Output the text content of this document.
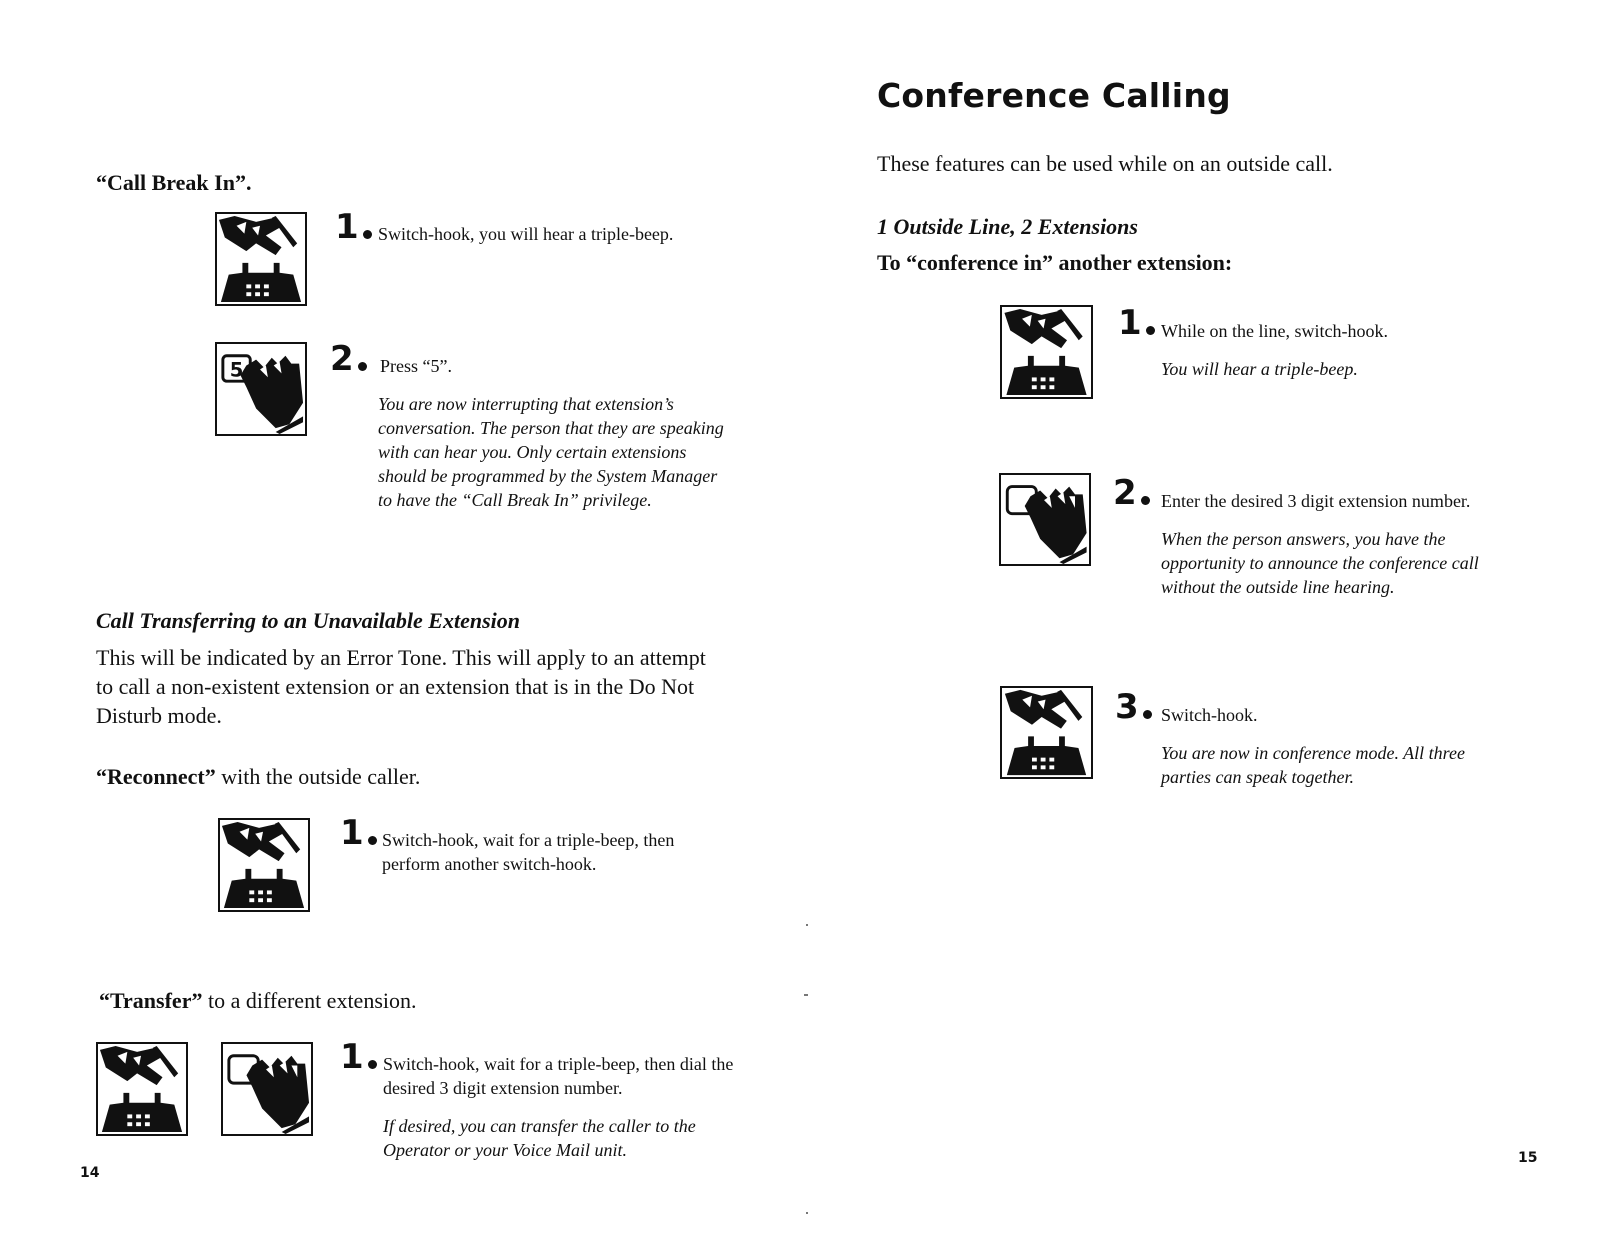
“Call Break In”.
1	Switch-hook, you will hear a triple-beep.
5	2	Press “5”.
You are now interrupting that extension’s conversation. The person that they are speaking with can hear you. Only certain extensions should be programmed by the System Manager to have the “Call Break In” privilege.
Call Transferring to an Unavailable Extension
This will be indicated by an Error Tone. This will apply to an attempt to call a non-existent extension or an extension that is in the Do Not Disturb mode.
“Reconnect” with the outside caller.
1	Switch-hook, wait for a triple-beep, then perform another switch-hook.
“Transfer” to a different extension.
1	Switch-hook, wait for a triple-beep, then dial the desired 3 digit extension number.
If desired, you can transfer the caller to the Operator or your Voice Mail unit.
14
Conference Calling
These features can be used while on an outside call.
1 Outside Line, 2 Extensions
To “conference in” another extension:
1	While on the line, switch-hook.
You will hear a triple-beep.
2	Enter the desired 3 digit extension number.
When the person answers, you have the opportunity to announce the conference call without the outside line hearing.
3	Switch-hook.
You are now in conference mode. All three parties can speak together.
15
